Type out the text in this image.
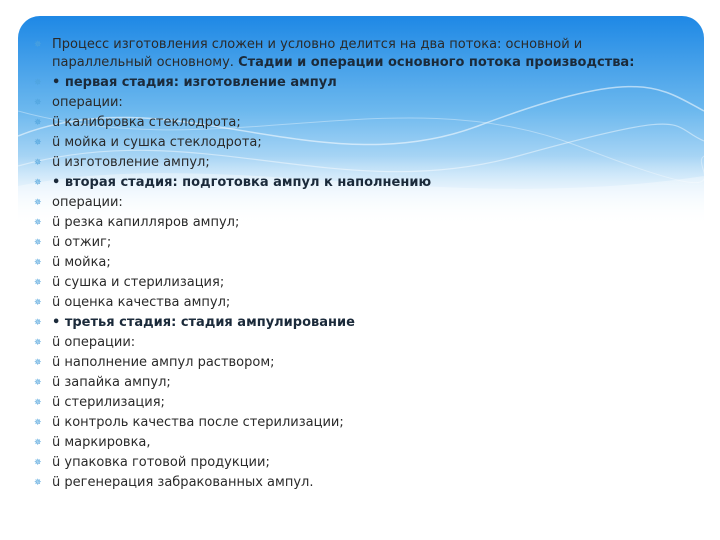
✵ Процесс изготовления сложен и условно делится на два потока: основной и параллельный основному. Стадии и операции основного потока производства:
✵ • первая стадия: изготовление ампул
✵ операции:
✵ ü калибровка стеклодрота;
✵ ü мойка и сушка стеклодрота;
✵ ü изготовление ампул;
✵ • вторая стадия: подготовка ампул к наполнению
✵ операции:
✵ ü резка капилляров ампул;
✵ ü отжиг;
✵ ü мойка;
✵ ü сушка и стерилизация;
✵ ü оценка качества ампул;
✵ • третья стадия: стадия ампулирование
✵ ü операции:
✵ ü наполнение ампул раствором;
✵ ü запайка ампул;
✵ ü стерилизация;
✵ ü контроль качества после стерилизации;
✵ ü маркировка,
✵ ü упаковка готовой продукции;
✵ ü регенерация забракованных ампул.
